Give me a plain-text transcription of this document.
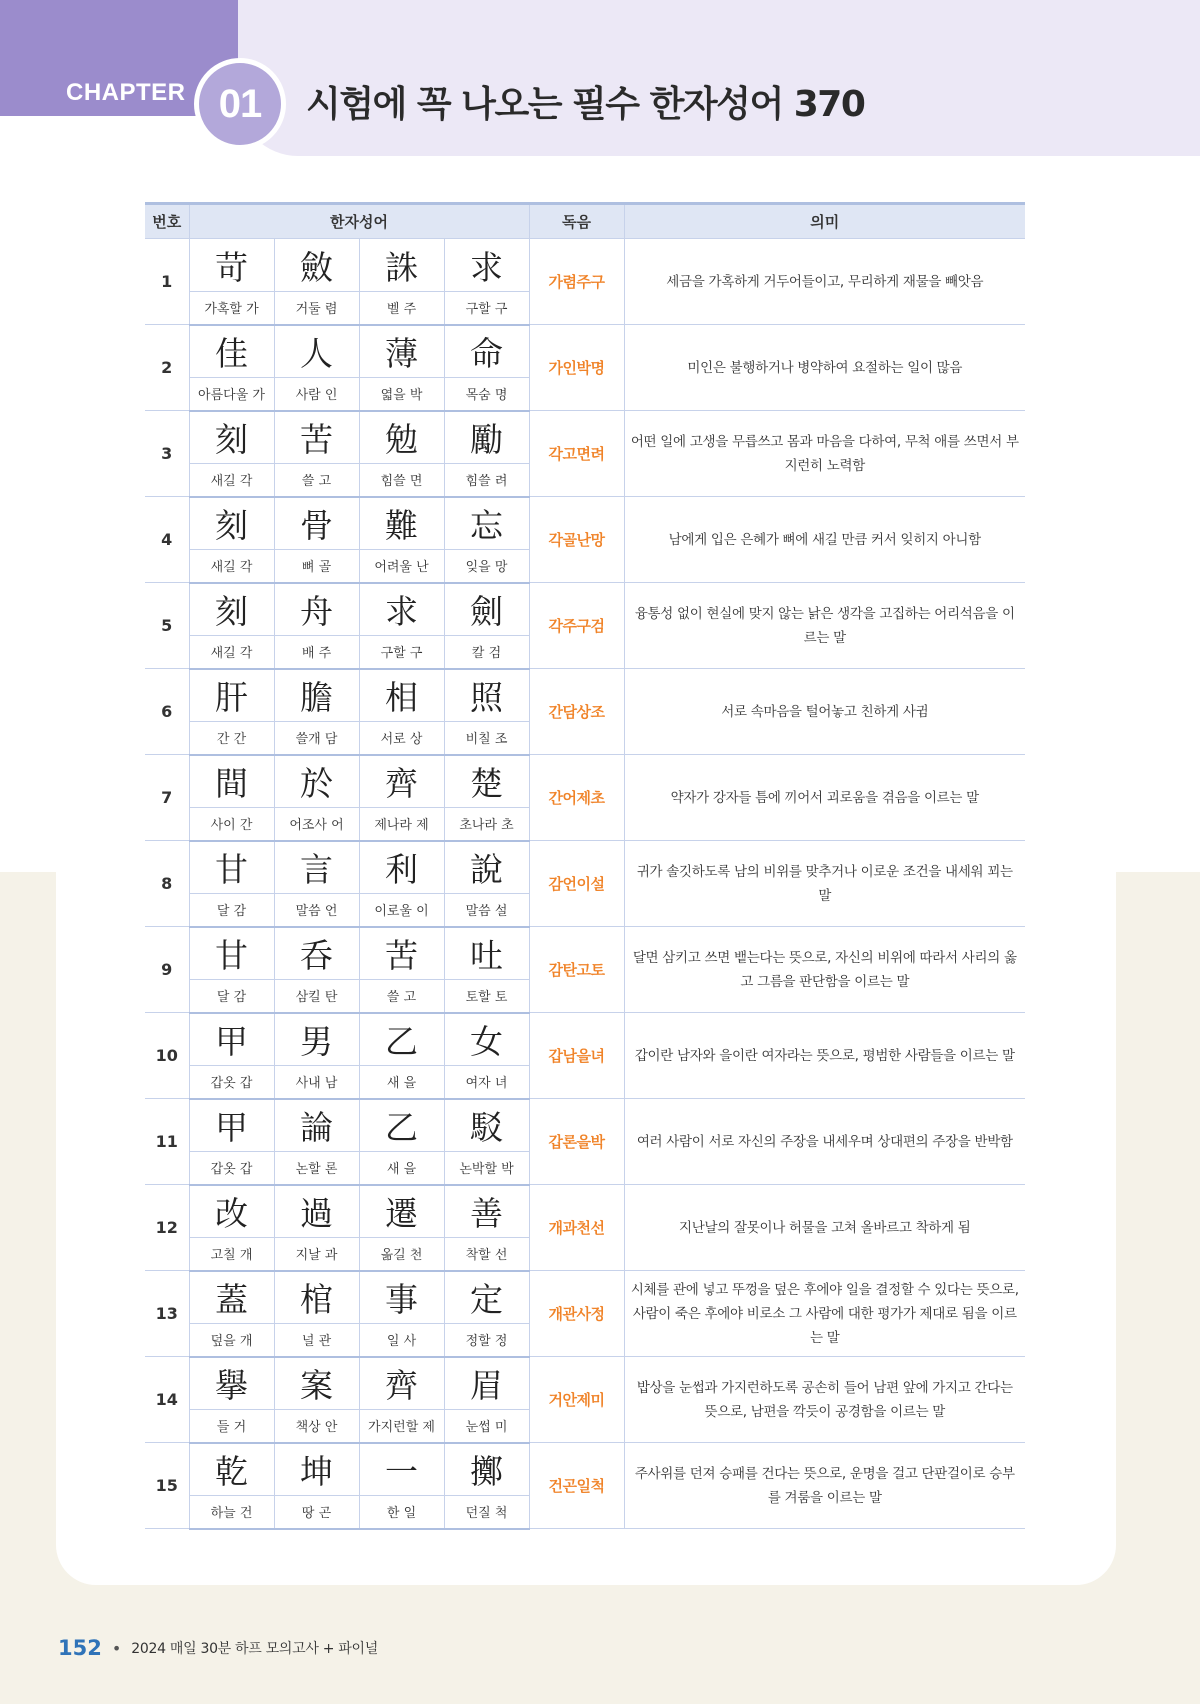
CHAPTER 01 시험에 꼭 나오는 필수 한자성어 370
번호	한자성어				독음	의미
1	苛	斂	誅	求	가렴주구	세금을 가혹하게 거두어들이고, 무리하게 재물을 빼앗음
	가혹할 가	거둘 렴	벨 주	구할 구		
2	佳	人	薄	命	가인박명	미인은 불행하거나 병약하여 요절하는 일이 많음
	아름다울 가	사람 인	엷을 박	목숨 명		
3	刻	苦	勉	勵	각고면려	어떤 일에 고생을 무릅쓰고 몸과 마음을 다하여, 무척 애를 쓰면서 부지런히 노력함
	새길 각	쓸 고	힘쓸 면	힘쓸 려		
4	刻	骨	難	忘	각골난망	남에게 입은 은혜가 뼈에 새길 만큼 커서 잊히지 아니함
	새길 각	뼈 골	어려울 난	잊을 망		
5	刻	舟	求	劍	각주구검	융통성 없이 현실에 맞지 않는 낡은 생각을 고집하는 어리석음을 이르는 말
	새길 각	배 주	구할 구	칼 검		
6	肝	膽	相	照	간담상조	서로 속마음을 털어놓고 친하게 사귐
	간 간	쓸개 담	서로 상	비칠 조		
7	間	於	齊	楚	간어제초	약자가 강자들 틈에 끼어서 괴로움을 겪음을 이르는 말
	사이 간	어조사 어	제나라 제	초나라 초		
8	甘	言	利	說	감언이설	귀가 솔깃하도록 남의 비위를 맞추거나 이로운 조건을 내세워 꾀는 말
	달 감	말씀 언	이로울 이	말씀 설		
9	甘	呑	苦	吐	감탄고토	달면 삼키고 쓰면 뱉는다는 뜻으로, 자신의 비위에 따라서 사리의 옳고 그름을 판단함을 이르는 말
	달 감	삼킬 탄	쓸 고	토할 토		
10	甲	男	乙	女	갑남을녀	갑이란 남자와 을이란 여자라는 뜻으로, 평범한 사람들을 이르는 말
	갑옷 갑	사내 남	새 을	여자 녀		
11	甲	論	乙	駁	갑론을박	여러 사람이 서로 자신의 주장을 내세우며 상대편의 주장을 반박함
	갑옷 갑	논할 론	새 을	논박할 박		
12	改	過	遷	善	개과천선	지난날의 잘못이나 허물을 고쳐 올바르고 착하게 됨
	고칠 개	지날 과	옮길 천	착할 선		
13	蓋	棺	事	定	개관사정	시체를 관에 넣고 뚜껑을 덮은 후에야 일을 결정할 수 있다는 뜻으로, 사람이 죽은 후에야 비로소 그 사람에 대한 평가가 제대로 됨을 이르는 말
	덮을 개	널 관	일 사	정할 정		
14	擧	案	齊	眉	거안제미	밥상을 눈썹과 가지런하도록 공손히 들어 남편 앞에 가지고 간다는 뜻으로, 남편을 깍듯이 공경함을 이르는 말
	들 거	책상 안	가지런할 제	눈썹 미		
15	乾	坤	一	擲	건곤일척	주사위를 던져 승패를 건다는 뜻으로, 운명을 걸고 단판걸이로 승부를 겨룸을 이르는 말
	하늘 건	땅 곤	한 일	던질 척		
152 • 2024 매일 30분 하프 모의고사 + 파이널
